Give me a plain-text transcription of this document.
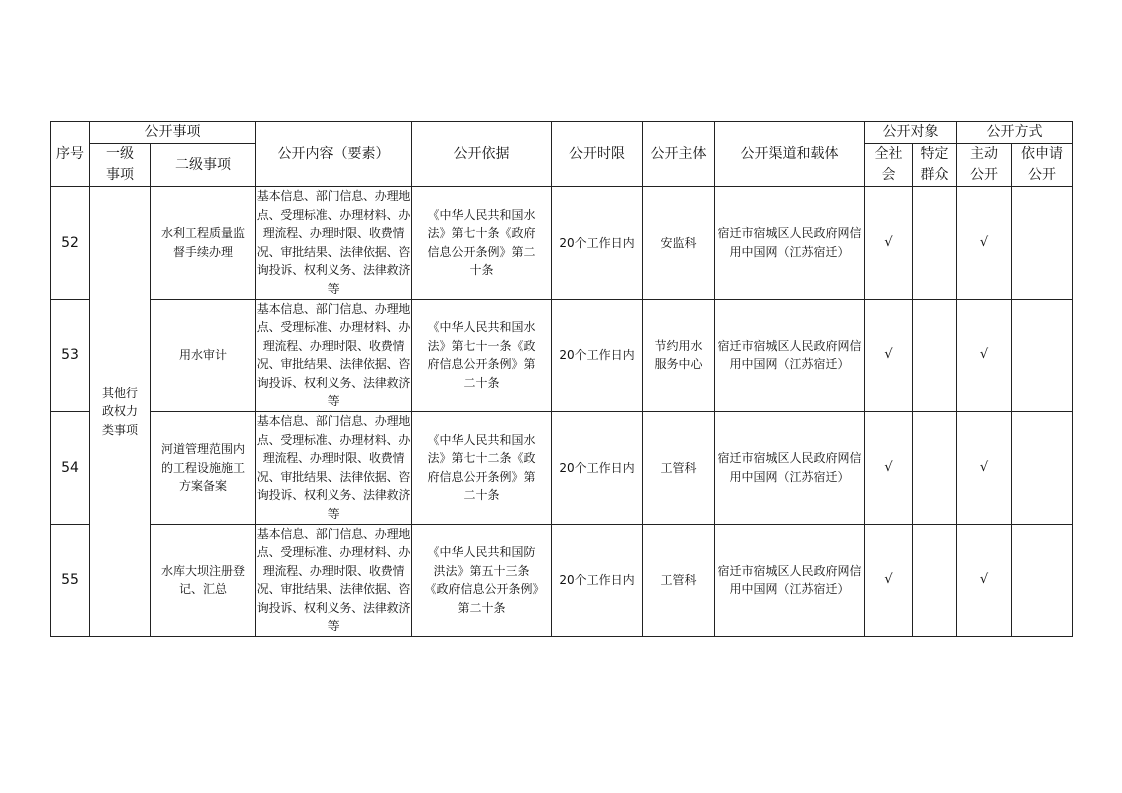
序号	公开事项		公开内容（要素）	公开依据	公开时限	公开主体	公开渠道和载体	公开对象		公开方式	
	一级事项	二级事项						全社会	特定群众	主动公开	依申请公开
52	其他行政权力类事项	水利工程质量监督手续办理	基本信息、部门信息、办理地点、受理标准、办理材料、办理流程、办理时限、收费情况、审批结果、法律依据、咨询投诉、权利义务、法律救济等	《中华人民共和国水法》第七十条《政府信息公开条例》第二十条	20个工作日内	安监科	宿迁市宿城区人民政府网信用中国网（江苏宿迁）	√		√	
53		用水审计	基本信息、部门信息、办理地点、受理标准、办理材料、办理流程、办理时限、收费情况、审批结果、法律依据、咨询投诉、权利义务、法律救济等	《中华人民共和国水法》第七十一条《政府信息公开条例》第二十条	20个工作日内	节约用水服务中心	宿迁市宿城区人民政府网信用中国网（江苏宿迁）	√		√	
54		河道管理范围内的工程设施施工方案备案	基本信息、部门信息、办理地点、受理标准、办理材料、办理流程、办理时限、收费情况、审批结果、法律依据、咨询投诉、权利义务、法律救济等	《中华人民共和国水法》第七十二条《政府信息公开条例》第二十条	20个工作日内	工管科	宿迁市宿城区人民政府网信用中国网（江苏宿迁）	√		√	
55		水库大坝注册登记、汇总	基本信息、部门信息、办理地点、受理标准、办理材料、办理流程、办理时限、收费情况、审批结果、法律依据、咨询投诉、权利义务、法律救济等	《中华人民共和国防洪法》第五十三条《政府信息公开条例》第二十条	20个工作日内	工管科	宿迁市宿城区人民政府网信用中国网（江苏宿迁）	√		√	
